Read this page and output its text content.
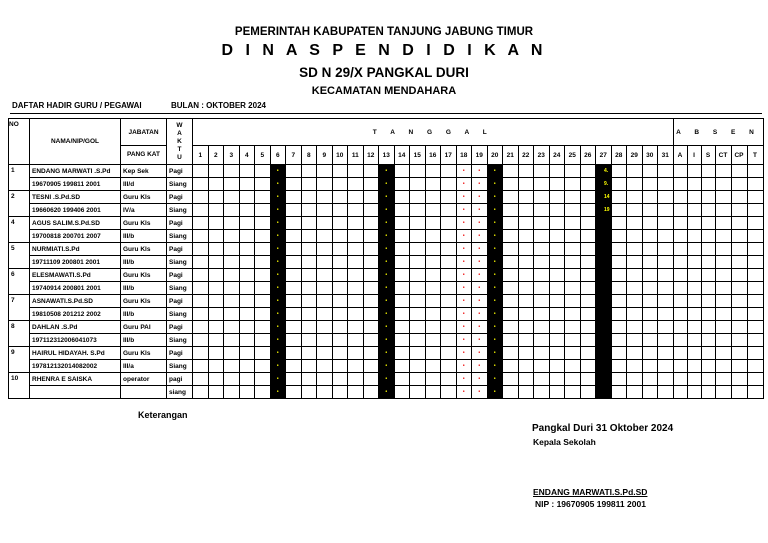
PEMERINTAH KABUPATEN TANJUNG JABUNG TIMUR
D I N A S P E N D I D I K A N
SD N 29/X PANGKAL DURI
KECAMATAN MENDAHARA
DAFTAR HADIR GURU / PEGAWAI	BULAN : OKTOBER 2024
NO	NAMA/NIP/GOL	JABATAN	W A K T U	T A N G G A L																															A B S E N					
		PANG KAT		1	2	3	4	5	6	7	8	9	10	11	12	13	14	15	16	17	18	19	20	21	22	23	24	25	26	27	28	29	30	31	A	I	S	CT	CP	T
1	ENDANG MARWATI .S.Pd	Kep Sek	Pagi						•							•					•	•	•							4.										
	19670905 199811 2001	III/d	Siang						•							•					•	•	•							9.										
2	TESNI .S.Pd.SD	Guru Kls	Pagi						•							•					•	•	•							14										
	19660620 199406 2001	IV/a	Siang						•							•					•	•	•							19										
4	AGUS SALIM.S.Pd.SD	Guru Kls	Pagi						•							•					•	•	•																	
	19700818 200701 2007	III/b	Siang						•							•					•	•	•																	
5	NURMIATI.S.Pd	Guru Kls	Pagi						•							•					•	•	•																	
	19711109 200801 2001	III/b	Siang						•							•					•	•	•																	
6	ELESMAWATI.S.Pd	Guru Kls	Pagi						•							•					•	•	•																	
	19740914 200801 2001	III/b	Siang						•							•					•	•	•																	
7	ASNAWATI.S.Pd.SD	Guru Kls	Pagi						•							•					•	•	•																	
	19810508 201212 2002	III/b	Siang						•							•					•	•	•																	
8	DAHLAN .S.Pd	Guru PAI	Pagi						•							•					•	•	•																	
	197112312006041073	III/b	Siang						•							•					•	•	•																	
9	HAIRUL HIDAYAH. S.Pd	Guru Kls	Pagi						•							•					•	•	•																	
	197812132014082002	III/a	Siang						•							•					•	•	•																	
10	RHENRA E SAISKA	operator	pagi						•							•					•	•	•																	
			siang						•							•					•	•	•																	
Keterangan
Pangkal Duri 31 Oktober 2024
Kepala Sekolah
ENDANG MARWATI.S.Pd.SD
NIP : 19670905 199811 2001
